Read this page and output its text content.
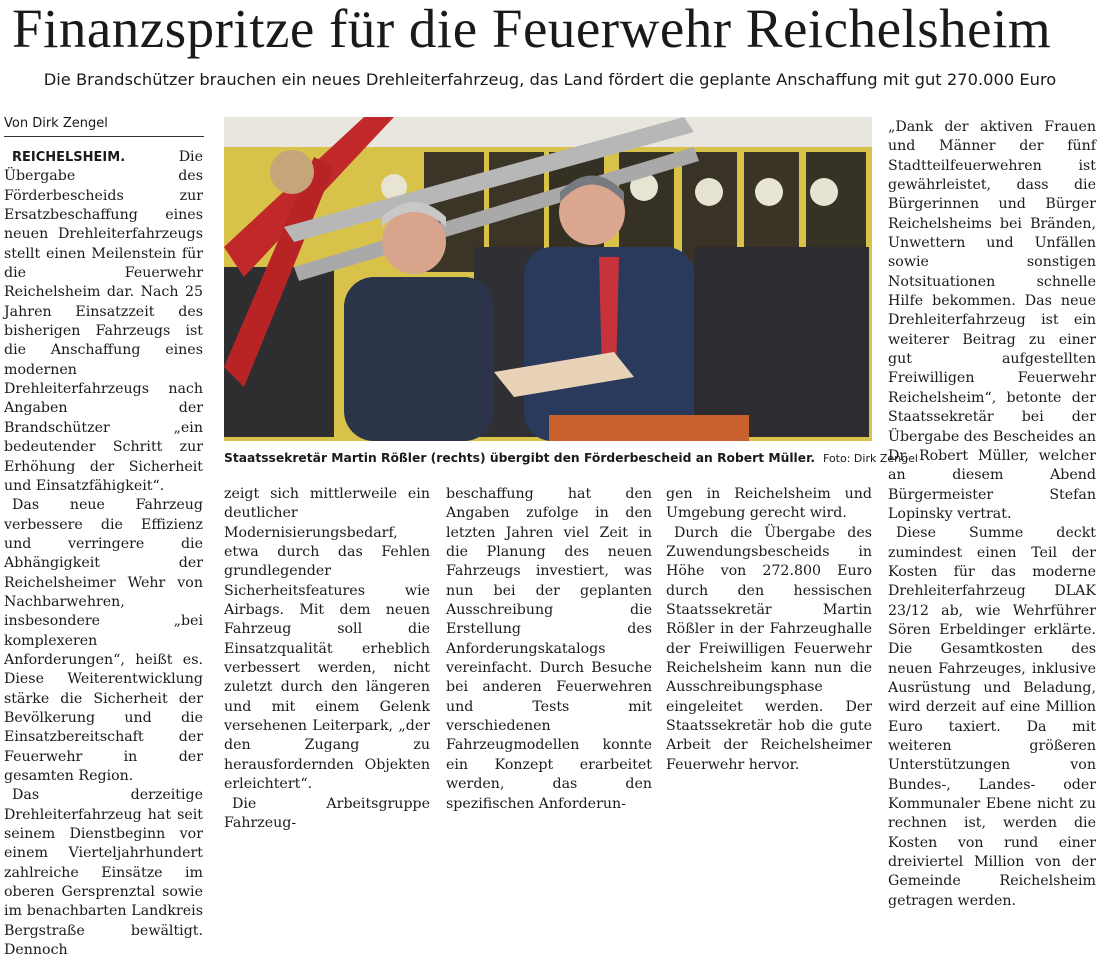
Finanzspritze für die Feuerwehr Reichelsheim
Die Brandschützer brauchen ein neues Drehleiterfahrzeug, das Land fördert die geplante Anschaffung mit gut 270.000 Euro
Von Dirk Zengel

REICHELSHEIM.	Die Übergabe des Förderbescheids zur Ersatzbeschaffung eines neuen Drehleiterfahrzeugs stellt einen Meilenstein für die Feuerwehr Reichelsheim dar. Nach 25 Jahren Einsatzzeit des bisherigen Fahrzeugs ist die Anschaffung eines modernen Drehleiterfahrzeugs nach Angaben der Brandschützer „ein bedeutender Schritt zur Erhöhung der Sicherheit und Einsatzfähigkeit“.

Das neue Fahrzeug verbessere die Effizienz und verringere die Abhängigkeit der Reichelsheimer Wehr von Nachbarwehren, insbesondere „bei komplexeren Anforderungen“, heißt es. Diese Weiterentwicklung stärke die Sicherheit der Bevölkerung und die Einsatzbereitschaft der Feuerwehr in der gesamten Region.

Das derzeitige Drehleiterfahrzeug hat seit seinem Dienstbeginn vor einem Vierteljahrhundert zahlreiche Einsätze im oberen Gersprenztal sowie im benachbarten Landkreis Bergstraße bewältigt. Dennoch

Staatssekretär Martin Rößler (rechts) übergibt den Förderbescheid an Robert Müller. Foto: Dirk Zengel

zeigt sich mittlerweile ein deutlicher Modernisierungsbedarf, etwa durch das Fehlen grundlegender Sicherheitsfeatures wie Airbags. Mit dem neuen Fahrzeug soll die Einsatzqualität erheblich verbessert werden, nicht zuletzt durch den längeren und mit einem Gelenk versehenen Leiterpark, „der den Zugang zu herausfordernden Objekten erleichtert“.

Die Arbeitsgruppe Fahrzeug-

beschaffung hat den Angaben zufolge in den letzten Jahren viel Zeit in die Planung des neuen Fahrzeugs investiert, was nun bei der geplanten Ausschreibung die Erstellung des Anforderungskatalogs vereinfacht. Durch Besuche bei anderen Feuerwehren und Tests mit verschiedenen Fahrzeugmodellen konnte ein Konzept erarbeitet werden, das den spezifischen Anforderun-

gen in Reichelsheim und Umgebung gerecht wird.

Durch die Übergabe des Zuwendungsbescheids in Höhe von 272.800 Euro durch den hessischen Staatssekretär Martin Rößler in der Fahrzeughalle der Freiwilligen Feuerwehr Reichelsheim kann nun die Ausschreibungsphase eingeleitet werden. Der Staatssekretär hob die gute Arbeit der Reichelsheimer Feuerwehr hervor.

„Dank der aktiven Frauen und Männer der fünf Stadtteilfeuerwehren ist gewährleistet, dass die Bürgerinnen und Bürger Reichelsheims bei Bränden, Unwettern und Unfällen sowie sonstigen Notsituationen schnelle Hilfe bekommen. Das neue Drehleiterfahrzeug ist ein weiterer Beitrag zu einer gut aufgestellten Freiwilligen Feuerwehr Reichelsheim“, betonte der Staatssekretär bei der Übergabe des Bescheides an Dr. Robert Müller, welcher an diesem Abend Bürgermeister Stefan Lopinsky vertrat.

Diese Summe deckt zumindest einen Teil der Kosten für das moderne Drehleiterfahrzeug DLAK 23/12 ab, wie Wehrführer Sören Erbeldinger erklärte. Die Gesamtkosten des neuen Fahrzeuges, inklusive Ausrüstung und Beladung, wird derzeit auf eine Million Euro taxiert. Da mit weiteren größeren Unterstützungen von Bundes-, Landes- oder Kommunaler Ebene nicht zu rechnen ist, werden die Kosten von rund einer dreiviertel Million von der Gemeinde Reichelsheim getragen werden.
